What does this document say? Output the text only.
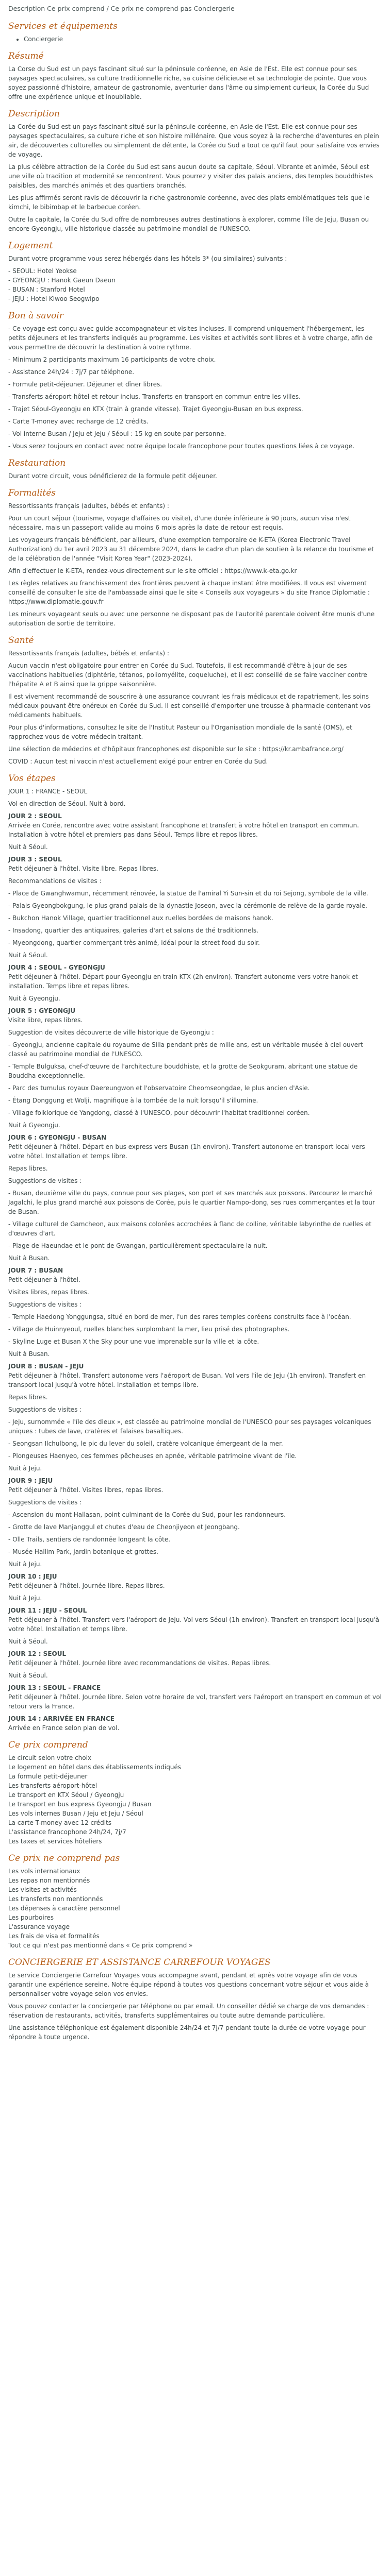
Description Ce prix comprend / Ce prix ne comprend pas Conciergerie

Services et équipements
• Conciergerie
Résumé

La Corse du Sud est un pays fascinant situé sur la péninsule coréenne, en Asie de l'Est. Elle est connue pour ses paysages spectaculaires, sa culture traditionnelle riche, sa cuisine délicieuse et sa technologie de pointe. Que vous soyez passionné d'histoire, amateur de gastronomie, aventurier dans l'âme ou simplement curieux, la Corée du Sud offre une expérience unique et inoubliable.

Description

La Corée du Sud est un pays fascinant situé sur la péninsule coréenne, en Asie de l'Est. Elle est connue pour ses paysages spectaculaires, sa culture riche et son histoire millénaire. Que vous soyez à la recherche d'aventures en plein air, de découvertes culturelles ou simplement de détente, la Corée du Sud a tout ce qu'il faut pour satisfaire vos envies de voyage.

La plus célèbre attraction de la Corée du Sud est sans aucun doute sa capitale, Séoul. Vibrante et animée, Séoul est une ville où tradition et modernité se rencontrent. Vous pourrez y visiter des palais anciens, des temples bouddhistes paisibles, des marchés animés et des quartiers branchés.

Les plus affirmés seront ravis de découvrir la riche gastronomie coréenne, avec des plats emblématiques tels que le kimchi, le bibimbap et le barbecue coréen.

Outre la capitale, la Corée du Sud offre de nombreuses autres destinations à explorer, comme l'île de Jeju, Busan ou encore Gyeongju, ville historique classée au patrimoine mondial de l'UNESCO.

Logement

Durant votre programme vous serez hébergés dans les hôtels 3* (ou similaires) suivants :

- SEOUL: Hotel Yeokse

- GYEONGJU : Hanok Gaeun Daeun

- BUSAN : Stanford Hotel

- JEJU : Hotel Kiwoo Seogwipo

Bon à savoir

- Ce voyage est conçu avec guide accompagnateur et visites incluses. Il comprend uniquement l'hébergement, les petits déjeuners et les transferts indiqués au programme. Les visites et activités sont libres et à votre charge, afin de vous permettre de découvrir la destination à votre rythme.

- Minimum 2 participants maximum 16 participants de votre choix.

- Assistance 24h/24 : 7j/7 par téléphone.

- Formule petit-déjeuner. Déjeuner et dîner libres.

- Transferts aéroport-hôtel et retour inclus. Transferts en transport en commun entre les villes.

- Trajet Séoul-Gyeongju en KTX (train à grande vitesse). Trajet Gyeongju-Busan en bus express.

- Carte T-money avec recharge de 12 crédits.

- Vol interne Busan / Jeju et Jeju / Séoul : 15 kg en soute par personne.

- Vous serez toujours en contact avec notre équipe locale francophone pour toutes questions liées à ce voyage.

Restauration

Durant votre circuit, vous bénéficierez de la formule petit déjeuner.

Formalités

Ressortissants français (adultes, bébés et enfants) :

Pour un court séjour (tourisme, voyage d'affaires ou visite), d'une durée inférieure à 90 jours, aucun visa n'est nécessaire, mais un passeport valide au moins 6 mois après la date de retour est requis.

Les voyageurs français bénéficient, par ailleurs, d'une exemption temporaire de K-ETA (Korea Electronic Travel Authorization) du 1er avril 2023 au 31 décembre 2024, dans le cadre d'un plan de soutien à la relance du tourisme et de la célébration de l'année "Visit Korea Year" (2023-2024).

Afin d'effectuer le K-ETA, rendez-vous directement sur le site officiel : https://www.k-eta.go.kr

Les règles relatives au franchissement des frontières peuvent à chaque instant être modifiées. Il vous est vivement conseillé de consulter le site de l'ambassade ainsi que le site « Conseils aux voyageurs » du site France Diplomatie : https://www.diplomatie.gouv.fr

Les mineurs voyageant seuls ou avec une personne ne disposant pas de l'autorité parentale doivent être munis d'une autorisation de sortie de territoire.

Santé

Ressortissants français (adultes, bébés et enfants) :

Aucun vaccin n'est obligatoire pour entrer en Corée du Sud. Toutefois, il est recommandé d'être à jour de ses vaccinations habituelles (diphtérie, tétanos, poliomyélite, coqueluche), et il est conseillé de se faire vacciner contre l'hépatite A et B ainsi que la grippe saisonnière.

Il est vivement recommandé de souscrire à une assurance couvrant les frais médicaux et de rapatriement, les soins médicaux pouvant être onéreux en Corée du Sud. Il est conseillé d'emporter une trousse à pharmacie contenant vos médicaments habituels.

Pour plus d'informations, consultez le site de l'Institut Pasteur ou l'Organisation mondiale de la santé (OMS), et rapprochez-vous de votre médecin traitant.

Une sélection de médecins et d'hôpitaux francophones est disponible sur le site : https://kr.ambafrance.org/

COVID : Aucun test ni vaccin n'est actuellement exigé pour entrer en Corée du Sud.

Vos étapes

JOUR 1 : FRANCE - SEOUL

Vol en direction de Séoul. Nuit à bord.

JOUR 2 : SEOUL

Arrivée en Corée, rencontre avec votre assistant francophone et transfert à votre hôtel en transport en commun. Installation à votre hôtel et premiers pas dans Séoul. Temps libre et repos libres.

Nuit à Séoul.

JOUR 3 : SEOUL

Petit déjeuner à l'hôtel. Visite libre. Repas libres.

Recommandations de visites :

- Place de Gwanghwamun, récemment rénovée, la statue de l'amiral Yi Sun-sin et du roi Sejong, symbole de la ville.

- Palais Gyeongbokgung, le plus grand palais de la dynastie Joseon, avec la cérémonie de relève de la garde royale.

- Bukchon Hanok Village, quartier traditionnel aux ruelles bordées de maisons hanok.

- Insadong, quartier des antiquaires, galeries d'art et salons de thé traditionnels.

- Myeongdong, quartier commerçant très animé, idéal pour la street food du soir.

Nuit à Séoul.

JOUR 4 : SEOUL - GYEONGJU

Petit déjeuner à l'hôtel. Départ pour Gyeongju en train KTX (2h environ). Transfert autonome vers votre hanok et installation. Temps libre et repas libres.

Nuit à Gyeongju.

JOUR 5 : GYEONGJU

Visite libre, repas libres.

Suggestion de visites découverte de ville historique de Gyeongju :

- Gyeongju, ancienne capitale du royaume de Silla pendant près de mille ans, est un véritable musée à ciel ouvert classé au patrimoine mondial de l'UNESCO.

- Temple Bulguksa, chef-d'œuvre de l'architecture bouddhiste, et la grotte de Seokguram, abritant une statue de Bouddha exceptionnelle.

- Parc des tumulus royaux Daereungwon et l'observatoire Cheomseongdae, le plus ancien d'Asie.

- Étang Donggung et Wolji, magnifique à la tombée de la nuit lorsqu'il s'illumine.

- Village folklorique de Yangdong, classé à l'UNESCO, pour découvrir l'habitat traditionnel coréen.

Nuit à Gyeongju.

JOUR 6 : GYEONGJU - BUSAN

Petit déjeuner à l'hôtel. Départ en bus express vers Busan (1h environ). Transfert autonome en transport local vers votre hôtel. Installation et temps libre.

Repas libres.

Suggestions de visites :

- Busan, deuxième ville du pays, connue pour ses plages, son port et ses marchés aux poissons. Parcourez le marché Jagalchi, le plus grand marché aux poissons de Corée, puis le quartier Nampo-dong, ses rues commerçantes et la tour de Busan.

- Village culturel de Gamcheon, aux maisons colorées accrochées à flanc de colline, véritable labyrinthe de ruelles et d'œuvres d'art.

- Plage de Haeundae et le pont de Gwangan, particulièrement spectaculaire la nuit.

Nuit à Busan.

JOUR 7 : BUSAN

Petit déjeuner à l'hôtel.

Visites libres, repas libres.

Suggestions de visites :

- Temple Haedong Yonggungsa, situé en bord de mer, l'un des rares temples coréens construits face à l'océan.

- Village de Huinnyeoul, ruelles blanches surplombant la mer, lieu prisé des photographes.

- Skyline Luge et Busan X the Sky pour une vue imprenable sur la ville et la côte.

Nuit à Busan.

JOUR 8 : BUSAN - JEJU

Petit déjeuner à l'hôtel. Transfert autonome vers l'aéroport de Busan. Vol vers l'île de Jeju (1h environ). Transfert en transport local jusqu'à votre hôtel. Installation et temps libre.

Repas libres.

Suggestions de visites :

- Jeju, surnommée « l'île des dieux », est classée au patrimoine mondial de l'UNESCO pour ses paysages volcaniques uniques : tubes de lave, cratères et falaises basaltiques.

- Seongsan Ilchulbong, le pic du lever du soleil, cratère volcanique émergeant de la mer.

- Plongeuses Haenyeo, ces femmes pêcheuses en apnée, véritable patrimoine vivant de l'île.

Nuit à Jeju.

JOUR 9 : JEJU

Petit déjeuner à l'hôtel. Visites libres, repas libres.

Suggestions de visites :

- Ascension du mont Hallasan, point culminant de la Corée du Sud, pour les randonneurs.

- Grotte de lave Manjanggul et chutes d'eau de Cheonjiyeon et Jeongbang.

- Olle Trails, sentiers de randonnée longeant la côte.

- Musée Hallim Park, jardin botanique et grottes.

Nuit à Jeju.

JOUR 10 : JEJU

Petit déjeuner à l'hôtel. Journée libre. Repas libres.

Nuit à Jeju.

JOUR 11 : JEJU - SEOUL

Petit déjeuner à l'hôtel. Transfert vers l'aéroport de Jeju. Vol vers Séoul (1h environ). Transfert en transport local jusqu'à votre hôtel. Installation et temps libre.

Nuit à Séoul.

JOUR 12 : SEOUL

Petit déjeuner à l'hôtel. Journée libre avec recommandations de visites. Repas libres.

Nuit à Séoul.

JOUR 13 : SEOUL - FRANCE

Petit déjeuner à l'hôtel. Journée libre. Selon votre horaire de vol, transfert vers l'aéroport en transport en commun et vol retour vers la France.

JOUR 14 : ARRIVÉE EN FRANCE

Arrivée en France selon plan de vol.

Ce prix comprend

Le circuit selon votre choix

Le logement en hôtel dans des établissements indiqués

La formule petit-déjeuner

Les transferts aéroport-hôtel

Le transport en KTX Séoul / Gyeongju

Le transport en bus express Gyeongju / Busan

Les vols internes Busan / Jeju et Jeju / Séoul

La carte T-money avec 12 crédits

L'assistance francophone 24h/24, 7j/7

Les taxes et services hôteliers

Ce prix ne comprend pas

Les vols internationaux

Les repas non mentionnés

Les visites et activités

Les transferts non mentionnés

Les dépenses à caractère personnel

Les pourboires

L'assurance voyage

Les frais de visa et formalités

Tout ce qui n'est pas mentionné dans « Ce prix comprend »

CONCIERGERIE ET ASSISTANCE CARREFOUR VOYAGES

Le service Conciergerie Carrefour Voyages vous accompagne avant, pendant et après votre voyage afin de vous garantir une expérience sereine. Notre équipe répond à toutes vos questions concernant votre séjour et vous aide à personnaliser votre voyage selon vos envies.

Vous pouvez contacter la conciergerie par téléphone ou par email. Un conseiller dédié se charge de vos demandes : réservation de restaurants, activités, transferts supplémentaires ou toute autre demande particulière.

Une assistance téléphonique est également disponible 24h/24 et 7j/7 pendant toute la durée de votre voyage pour répondre à toute urgence.
